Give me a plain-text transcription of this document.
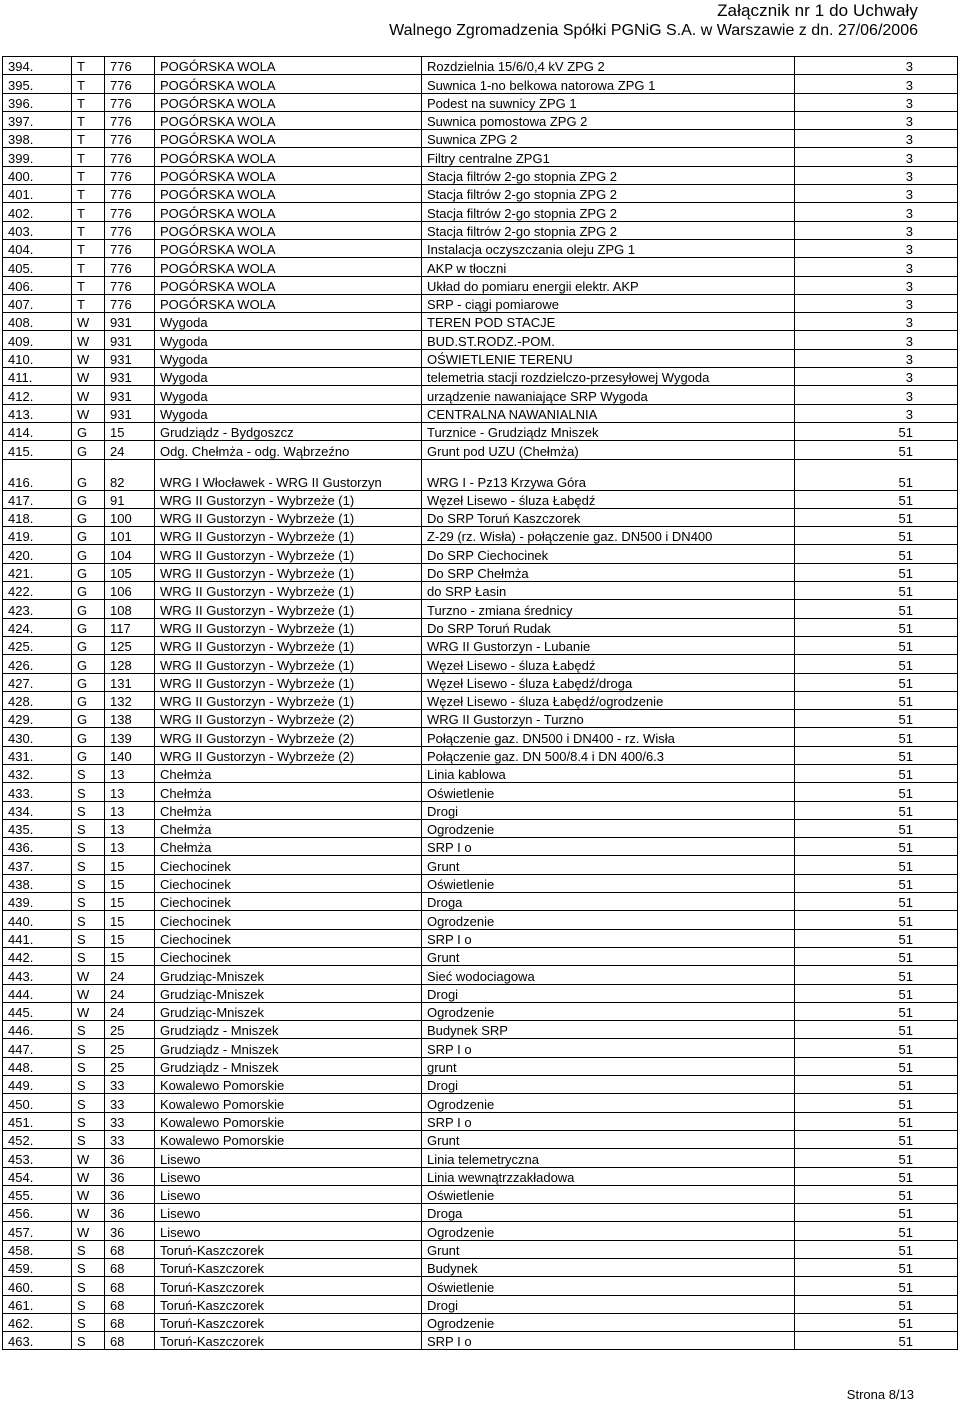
Załącznik nr 1 do Uchwały
Walnego Zgromadzenia Spółki PGNiG S.A. w Warszawie z dn. 27/06/2006
394.	T	776	POGÓRSKA WOLA	Rozdzielnia 15/6/0,4 kV ZPG 2	3
395.	T	776	POGÓRSKA WOLA	Suwnica 1-no belkowa natorowa ZPG 1	3
396.	T	776	POGÓRSKA WOLA	Podest na suwnicy ZPG 1	3
397.	T	776	POGÓRSKA WOLA	Suwnica pomostowa ZPG 2	3
398.	T	776	POGÓRSKA WOLA	Suwnica ZPG 2	3
399.	T	776	POGÓRSKA WOLA	Filtry centralne ZPG1	3
400.	T	776	POGÓRSKA WOLA	Stacja filtrów 2-go stopnia ZPG 2	3
401.	T	776	POGÓRSKA WOLA	Stacja filtrów 2-go stopnia ZPG 2	3
402.	T	776	POGÓRSKA WOLA	Stacja filtrów 2-go stopnia ZPG 2	3
403.	T	776	POGÓRSKA WOLA	Stacja filtrów 2-go stopnia ZPG 2	3
404.	T	776	POGÓRSKA WOLA	Instalacja oczyszczania oleju ZPG 1	3
405.	T	776	POGÓRSKA WOLA	AKP w tłoczni	3
406.	T	776	POGÓRSKA WOLA	Układ do pomiaru energii elektr. AKP	3
407.	T	776	POGÓRSKA WOLA	SRP - ciągi pomiarowe	3
408.	W	931	Wygoda	TEREN POD STACJE	3
409.	W	931	Wygoda	BUD.ST.RODZ.-POM.	3
410.	W	931	Wygoda	OŚWIETLENIE TERENU	3
411.	W	931	Wygoda	telemetria stacji rozdzielczo-przesyłowej Wygoda	3
412.	W	931	Wygoda	urządzenie nawaniające SRP Wygoda	3
413.	W	931	Wygoda	CENTRALNA NAWANIALNIA	3
414.	G	15	Grudziądz - Bydgoszcz	Turznice - Grudziądz Mniszek	51
415.	G	24	Odg. Chełmża - odg. Wąbrzeźno	Grunt pod UZU (Chełmża)	51
416.	G	82	WRG I Włocławek - WRG II Gustorzyn	WRG I - Pz13 Krzywa Góra	51
417.	G	91	WRG II Gustorzyn - Wybrzeże (1)	Węzeł Lisewo - śluza Łabędź	51
418.	G	100	WRG II Gustorzyn - Wybrzeże (1)	Do SRP Toruń Kaszczorek	51
419.	G	101	WRG II Gustorzyn - Wybrzeże (1)	Z-29 (rz. Wisła) - połączenie gaz. DN500 i DN400	51
420.	G	104	WRG II Gustorzyn - Wybrzeże (1)	Do SRP Ciechocinek	51
421.	G	105	WRG II Gustorzyn - Wybrzeże (1)	Do SRP Chełmża	51
422.	G	106	WRG II Gustorzyn - Wybrzeże (1)	do SRP Łasin	51
423.	G	108	WRG II Gustorzyn - Wybrzeże (1)	Turzno - zmiana średnicy	51
424.	G	117	WRG II Gustorzyn - Wybrzeże (1)	Do SRP Toruń Rudak	51
425.	G	125	WRG II Gustorzyn - Wybrzeże (1)	WRG II Gustorzyn - Lubanie	51
426.	G	128	WRG II Gustorzyn - Wybrzeże (1)	Węzeł Lisewo - śluza Łabędź	51
427.	G	131	WRG II Gustorzyn - Wybrzeże (1)	Węzeł Lisewo - śluza Łabędź/droga	51
428.	G	132	WRG II Gustorzyn - Wybrzeże (1)	Węzeł Lisewo - śluza Łabędź/ogrodzenie	51
429.	G	138	WRG II Gustorzyn - Wybrzeże (2)	WRG II Gustorzyn - Turzno	51
430.	G	139	WRG II Gustorzyn - Wybrzeże (2)	Połączenie gaz. DN500 i DN400 - rz. Wisła	51
431.	G	140	WRG II Gustorzyn - Wybrzeże (2)	Połączenie gaz. DN 500/8.4 i DN 400/6.3	51
432.	S	13	Chełmża	Linia kablowa	51
433.	S	13	Chełmża	Oświetlenie	51
434.	S	13	Chełmża	Drogi	51
435.	S	13	Chełmża	Ogrodzenie	51
436.	S	13	Chełmża	SRP I o	51
437.	S	15	Ciechocinek	Grunt	51
438.	S	15	Ciechocinek	Oświetlenie	51
439.	S	15	Ciechocinek	Droga	51
440.	S	15	Ciechocinek	Ogrodzenie	51
441.	S	15	Ciechocinek	SRP I o	51
442.	S	15	Ciechocinek	Grunt	51
443.	W	24	Grudziąc-Mniszek	Sieć wodociagowa	51
444.	W	24	Grudziąc-Mniszek	Drogi	51
445.	W	24	Grudziąc-Mniszek	Ogrodzenie	51
446.	S	25	Grudziądz - Mniszek	Budynek SRP	51
447.	S	25	Grudziądz - Mniszek	SRP I o	51
448.	S	25	Grudziądz - Mniszek	grunt	51
449.	S	33	Kowalewo Pomorskie	Drogi	51
450.	S	33	Kowalewo Pomorskie	Ogrodzenie	51
451.	S	33	Kowalewo Pomorskie	SRP I o	51
452.	S	33	Kowalewo Pomorskie	Grunt	51
453.	W	36	Lisewo	Linia telemetryczna	51
454.	W	36	Lisewo	Linia wewnątrzzakładowa	51
455.	W	36	Lisewo	Oświetlenie	51
456.	W	36	Lisewo	Droga	51
457.	W	36	Lisewo	Ogrodzenie	51
458.	S	68	Toruń-Kaszczorek	Grunt	51
459.	S	68	Toruń-Kaszczorek	Budynek	51
460.	S	68	Toruń-Kaszczorek	Oświetlenie	51
461.	S	68	Toruń-Kaszczorek	Drogi	51
462.	S	68	Toruń-Kaszczorek	Ogrodzenie	51
463.	S	68	Toruń-Kaszczorek	SRP I o	51
Strona 8/13
